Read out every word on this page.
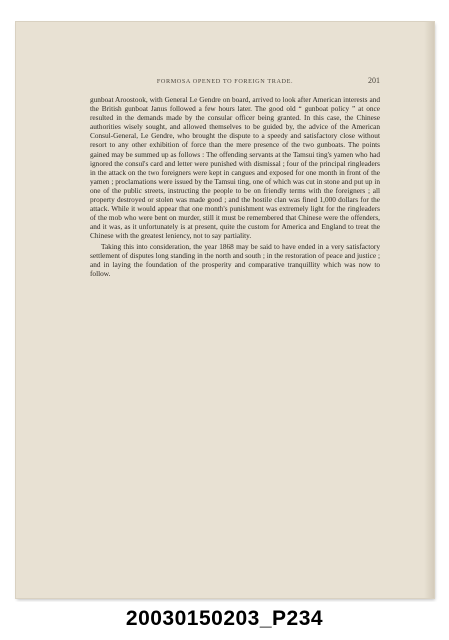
FORMOSA OPENED TO FOREIGN TRADE.	201

gunboat Aroostook, with General Le Gendre on board, arrived to look after American interests and the British gunboat Janus followed a few hours later. The good old “ gunboat policy ” at once resulted in the demands made by the consular officer being granted. In this case, the Chinese authorities wisely sought, and allowed themselves to be guided by, the advice of the American Consul-General, Le Gendre, who brought the dispute to a speedy and satisfactory close without resort to any other exhibition of force than the mere presence of the two gunboats. The points gained may be summed up as follows : The offending servants at the Tamsui ting's yamen who had ignored the consul's card and letter were punished with dismissal ; four of the principal ringleaders in the attack on the two foreigners were kept in cangues and exposed for one month in front of the yamen ; proclamations were issued by the Tamsui ting, one of which was cut in stone and put up in one of the public streets, instructing the people to be on friendly terms with the foreigners ; all property destroyed or stolen was made good ; and the hostile clan was fined 1,000 dollars for the attack. While it would appear that one month's punishment was extremely light for the ringleaders of the mob who were bent on murder, still it must be remembered that Chinese were the offenders, and it was, as it unfortunately is at present, quite the custom for America and England to treat the Chinese with the greatest leniency, not to say partiality.

Taking this into consideration, the year 1868 may be said to have ended in a very satisfactory settlement of disputes long standing in the north and south ; in the restoration of peace and justice ; and in laying the foundation of the prosperity and comparative tranquillity which was now to follow.

20030150203_P234
